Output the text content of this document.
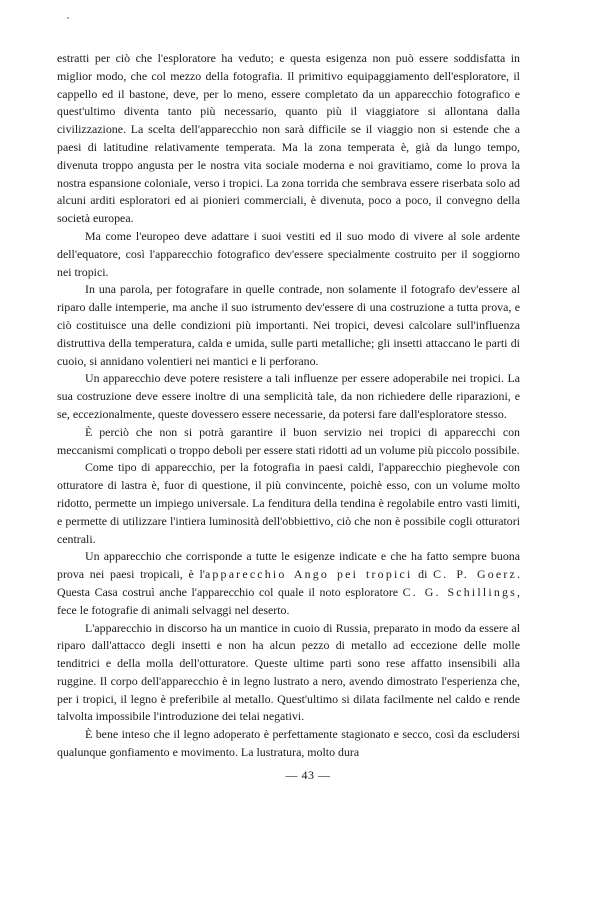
estratti per ciò che l'esploratore ha veduto; e questa esigenza non può essere soddisfatta in miglior modo, che col mezzo della fotografia. Il primitivo equipaggiamento dell'esploratore, il cappello ed il bastone, deve, per lo meno, essere completato da un apparecchio fotografico e quest'ultimo diventa tanto più necessario, quanto più il viaggiatore si allontana dalla civilizzazione. La scelta dell'apparecchio non sarà difficile se il viaggio non si estende che a paesi di latitudine relativamente temperata. Ma la zona temperata è, già da lungo tempo, divenuta troppo angusta per le nostra vita sociale moderna e noi gravitiamo, come lo prova la nostra espansione coloniale, verso i tropici. La zona torrida che sembrava essere riserbata solo ad alcuni arditi esploratori ed ai pionieri commerciali, è divenuta, poco a poco, il convegno della società europea.

Ma come l'europeo deve adattare i suoi vestiti ed il suo modo di vivere al sole ardente dell'equatore, così l'apparecchio fotografico dev'essere specialmente costruito per il soggiorno nei tropici.

In una parola, per fotografare in quelle contrade, non solamente il fotografo dev'essere al riparo dalle intemperie, ma anche il suo istrumento dev'essere di una costruzione a tutta prova, e ciò costituisce una delle condizioni più importanti. Nei tropici, devesi calcolare sull'influenza distruttiva della temperatura, calda e umida, sulle parti metalliche; gli insetti attaccano le parti di cuoio, si annidano volentieri nei mantici e li perforano.

Un apparecchio deve potere resistere a tali influenze per essere adoperabile nei tropici. La sua costruzione deve essere inoltre di una semplicità tale, da non richiedere delle riparazioni, e se, eccezionalmente, queste dovessero essere necessarie, da potersi fare dall'esploratore stesso.

È perciò che non si potrà garantire il buon servizio nei tropici di apparecchi con meccanismi complicati o troppo deboli per essere stati ridotti ad un volume più piccolo possibile.

Come tipo di apparecchio, per la fotografia in paesi caldi, l'apparecchio pieghevole con otturatore di lastra è, fuor di questione, il più convincente, poichè esso, con un volume molto ridotto, permette un impiego universale. La fenditura della tendina è regolabile entro vasti limiti, e permette di utilizzare l'intiera luminosità dell'obbiettivo, ciò che non è possibile cogli otturatori centrali.

Un apparecchio che corrisponde a tutte le esigenze indicate e che ha fatto sempre buona prova nei paesi tropicali, è l'apparecchio Ango pei tropici di C. P. Goerz. Questa Casa costruì anche l'apparecchio col quale il noto esploratore C. G. Schillings, fece le fotografie di animali selvaggi nel deserto.

L'apparecchio in discorso ha un mantice in cuoio di Russia, preparato in modo da essere al riparo dall'attacco degli insetti e non ha alcun pezzo di metallo ad eccezione delle molle tenditrici e della molla dell'otturatore. Queste ultime parti sono rese affatto insensibili alla ruggine. Il corpo dell'apparecchio è in legno lustrato a nero, avendo dimostrato l'esperienza che, per i tropici, il legno è preferibile al metallo. Quest'ultimo si dilata facilmente nel caldo e rende talvolta impossibile l'introduzione dei telai negativi.

È bene inteso che il legno adoperato è perfettamente stagionato e secco, così da escludersi qualunque gonfiamento e movimento. La lustratura, molto dura

— 43 —
